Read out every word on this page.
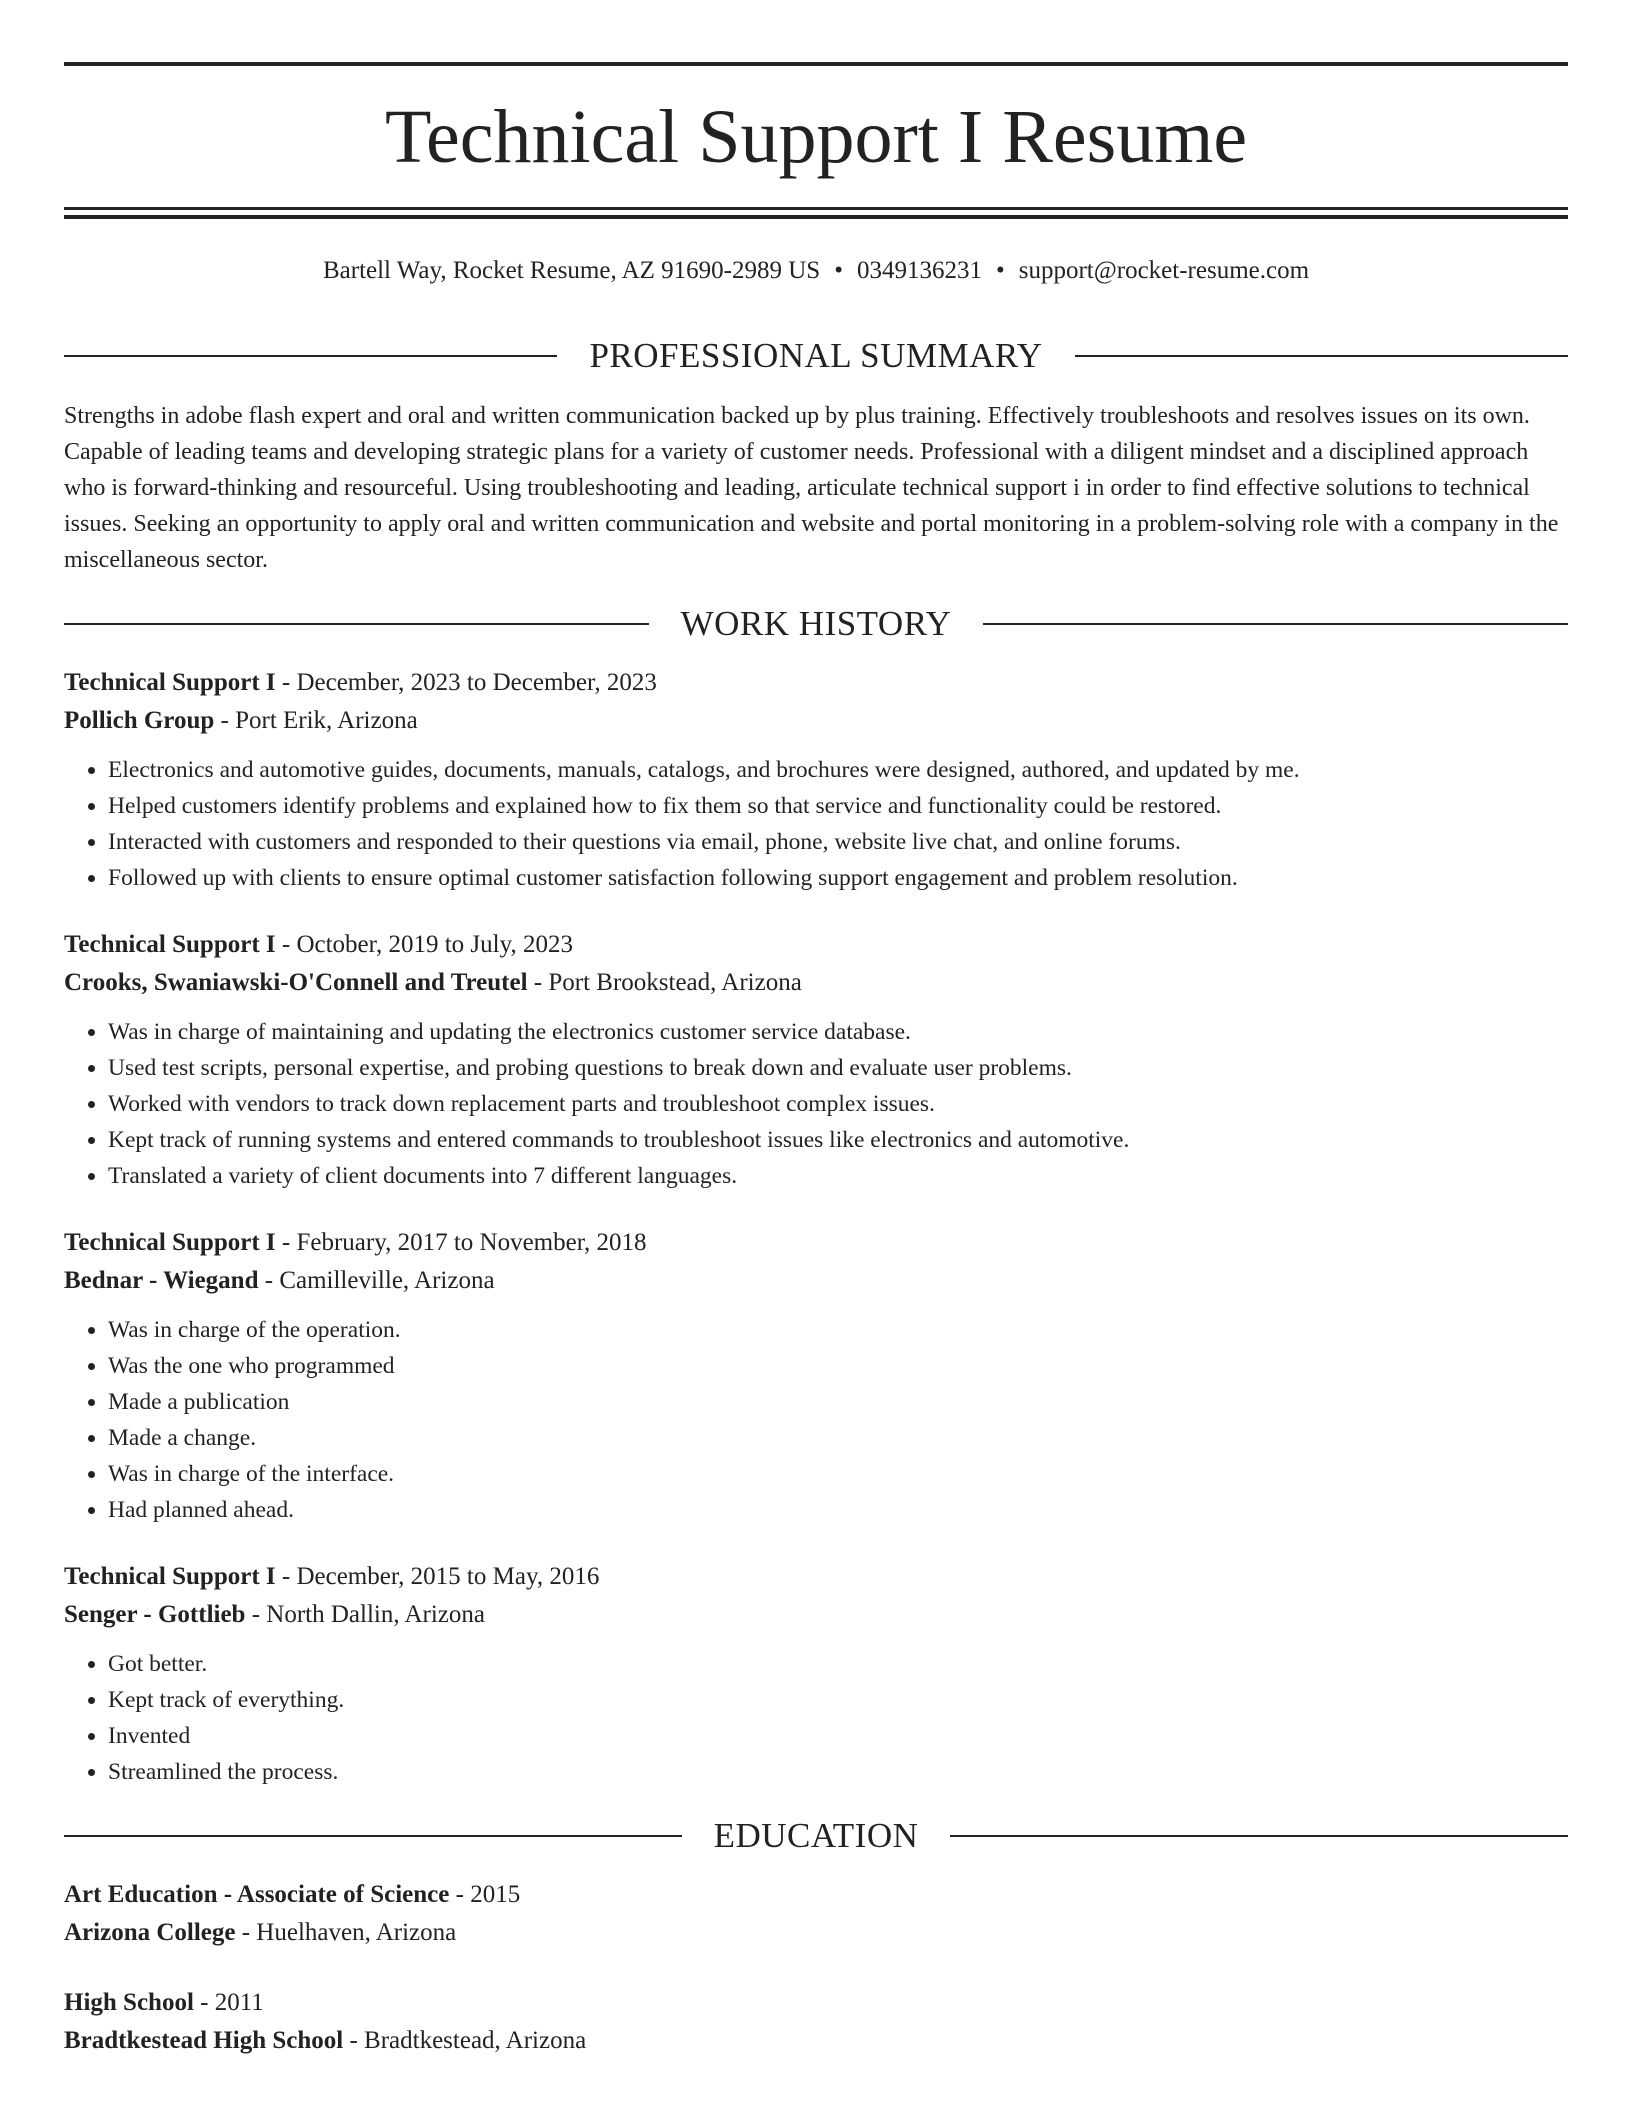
Technical Support I Resume
Bartell Way, Rocket Resume, AZ 91690-2989 US • 0349136231 • support@rocket-resume.com
PROFESSIONAL SUMMARY

Strengths in adobe flash expert and oral and written communication backed up by plus training. Effectively troubleshoots and resolves issues on its own. Capable of leading teams and developing strategic plans for a variety of customer needs. Professional with a diligent mindset and a disciplined approach who is forward-thinking and resourceful. Using troubleshooting and leading, articulate technical support i in order to find effective solutions to technical issues. Seeking an opportunity to apply oral and written communication and website and portal monitoring in a problem-solving role with a company in the miscellaneous sector.

WORK HISTORY
Technical Support I - December, 2023 to December, 2023
Pollich Group - Port Erik, Arizona
• Electronics and automotive guides, documents, manuals, catalogs, and brochures were designed, authored, and updated by me.
• Helped customers identify problems and explained how to fix them so that service and functionality could be restored.
• Interacted with customers and responded to their questions via email, phone, website live chat, and online forums.
• Followed up with clients to ensure optimal customer satisfaction following support engagement and problem resolution.
Technical Support I - October, 2019 to July, 2023
Crooks, Swaniawski-O'Connell and Treutel - Port Brookstead, Arizona
• Was in charge of maintaining and updating the electronics customer service database.
• Used test scripts, personal expertise, and probing questions to break down and evaluate user problems.
• Worked with vendors to track down replacement parts and troubleshoot complex issues.
• Kept track of running systems and entered commands to troubleshoot issues like electronics and automotive.
• Translated a variety of client documents into 7 different languages.
Technical Support I - February, 2017 to November, 2018
Bednar - Wiegand - Camilleville, Arizona
• Was in charge of the operation.
• Was the one who programmed
• Made a publication
• Made a change.
• Was in charge of the interface.
• Had planned ahead.
Technical Support I - December, 2015 to May, 2016
Senger - Gottlieb - North Dallin, Arizona
• Got better.
• Kept track of everything.
• Invented
• Streamlined the process.
EDUCATION
Art Education - Associate of Science - 2015
Arizona College - Huelhaven, Arizona
High School - 2011
Bradtkestead High School - Bradtkestead, Arizona
